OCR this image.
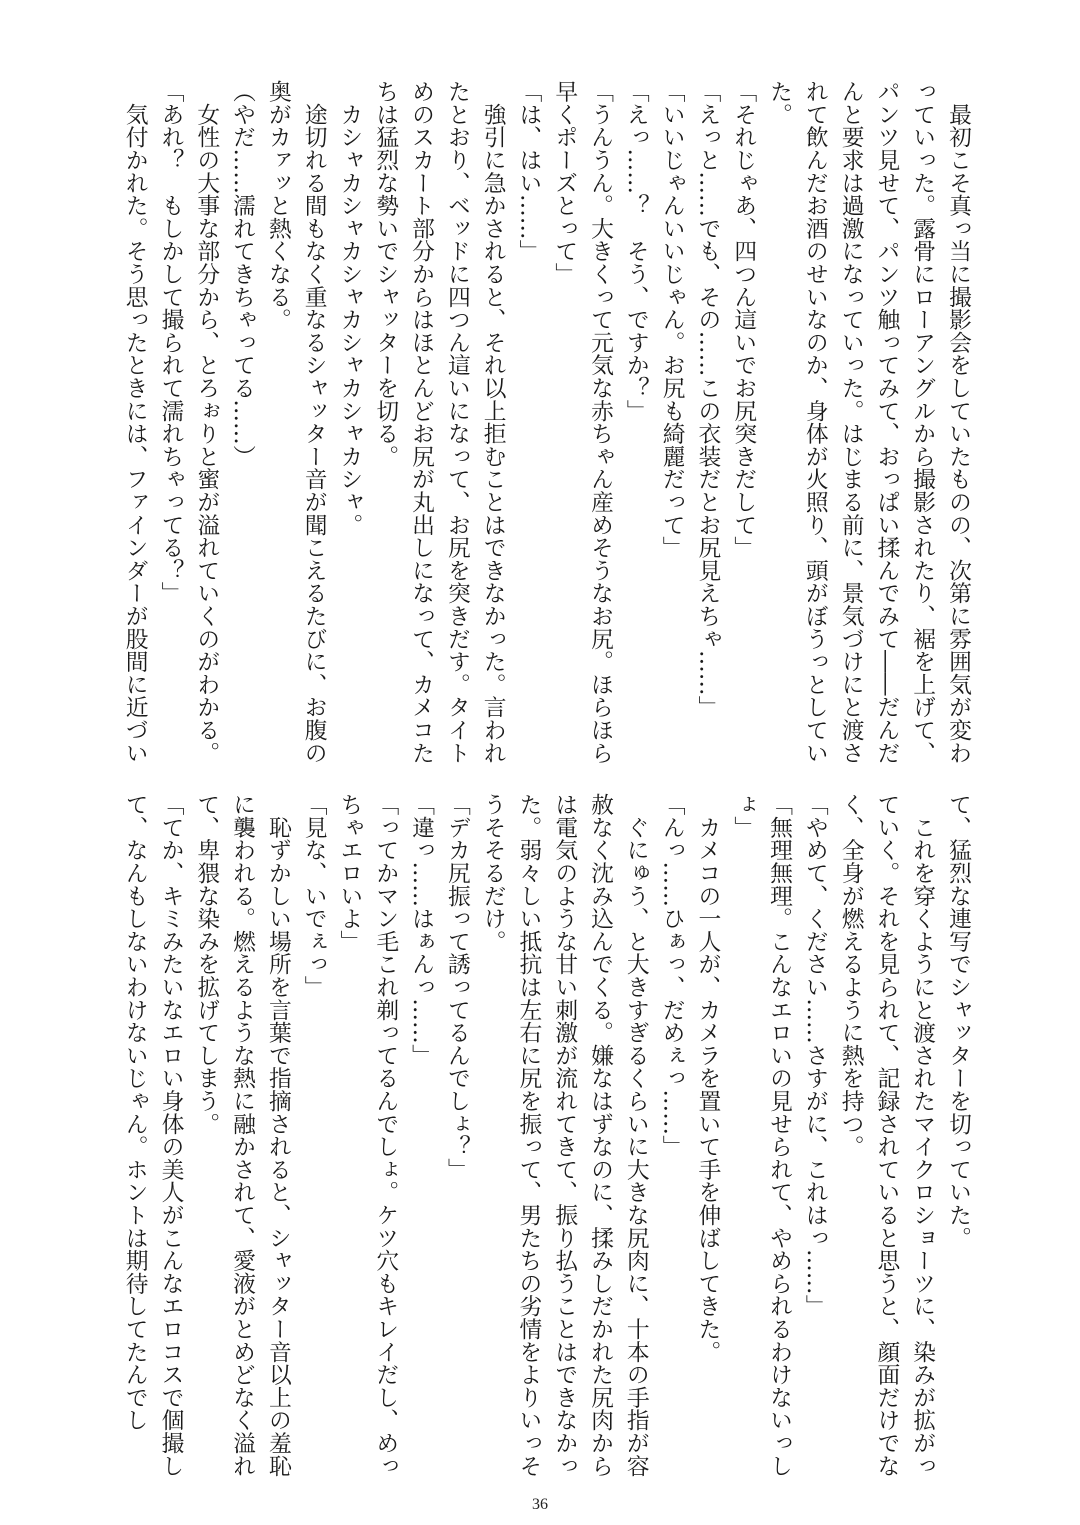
　最初こそ真っ当に撮影会をしていたものの、次第に雰囲気が変わ
っていった。露骨にローアングルから撮影されたり、裾を上げて、
パンツ見せて、パンツ触ってみて、おっぱい揉んでみて――だんだ
んと要求は過激になっていった。はじまる前に、景気づけにと渡さ
れて飲んだお酒のせいなのか、身体が火照り、頭がぼうっとしてい
た。
「それじゃあ、四つん這いでお尻突きだして」
「えっと……でも、その……この衣装だとお尻見えちゃ……」
「いいじゃんいいじゃん。お尻も綺麗だって」
「えっ……？　そう、ですか？」
「うんうん。大きくって元気な赤ちゃん産めそうなお尻。ほらほら
早くポーズとって」
「は、はい……」
　強引に急かされると、それ以上拒むことはできなかった。言われ
たとおり、ベッドに四つん這いになって、お尻を突きだす。タイト
めのスカート部分からはほとんどお尻が丸出しになって、カメコた
ちは猛烈な勢いでシャッターを切る。
　カシャカシャカシャカシャカシャカシャ。
　途切れる間もなく重なるシャッター音が聞こえるたびに、お腹の
奥がカァッと熱くなる。
（やだ……濡れてきちゃってる……）
　女性の大事な部分から、とろぉりと蜜が溢れていくのがわかる。
「あれ？　もしかして撮られて濡れちゃってる？」
　気付かれた。そう思ったときには、ファインダーが股間に近づい
て、猛烈な連写でシャッターを切っていた。
　これを穿くようにと渡されたマイクロショーツに、染みが拡がっ
ていく。それを見られて、記録されていると思うと、顔面だけでな
く、全身が燃えるように熱を持つ。
「やめて、ください……さすがに、これはっ……」
「無理無理。こんなエロいの見せられて、やめられるわけないっし
ょ」
　カメコの一人が、カメラを置いて手を伸ばしてきた。
「んっ……ひぁっ、だめぇっ……」
　ぐにゅう、と大きすぎるくらいに大きな尻肉に、十本の手指が容
赦なく沈み込んでくる。嫌なはずなのに、揉みしだかれた尻肉から
は電気のような甘い刺激が流れてきて、振り払うことはできなかっ
た。弱々しい抵抗は左右に尻を振って、男たちの劣情をよりいっそ
うそそるだけ。
「デカ尻振って誘ってるんでしょ？」
「違っ……はぁんっ……」
「ってかマン毛これ剃ってるんでしょ。ケツ穴もキレイだし、めっ
ちゃエロいよ」
「見な、いでぇっ」
　恥ずかしい場所を言葉で指摘されると、シャッター音以上の羞恥
に襲われる。燃えるような熱に融かされて、愛液がとめどなく溢れ
て、卑猥な染みを拡げてしまう。
「てか、キミみたいなエロい身体の美人がこんなエロコスで個撮し
て、なんもしないわけないじゃん。ホントは期待してたんでし
36
